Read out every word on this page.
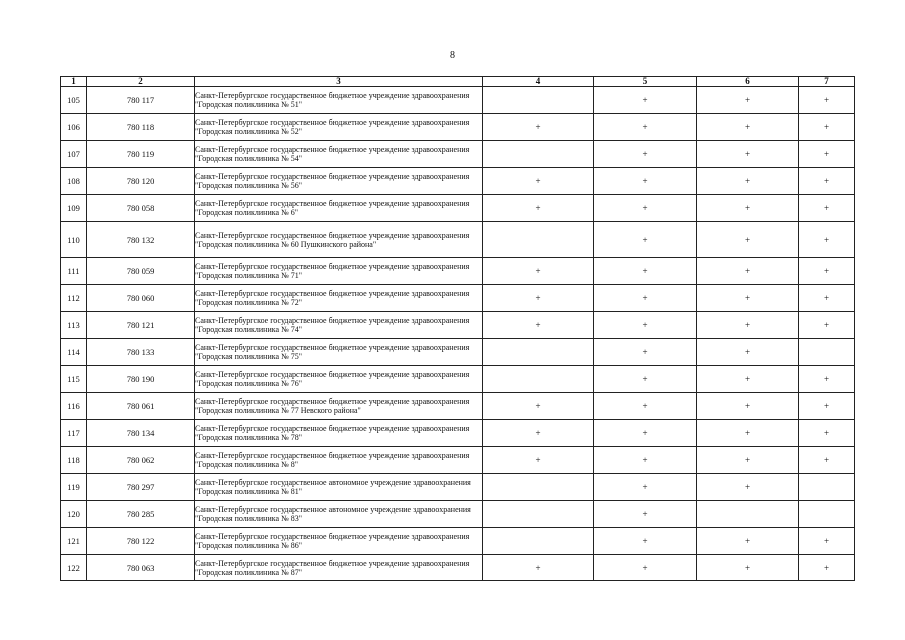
8
1	2	3	4	5	6	7
105	780 117	Санкт-Петербургское государственное бюджетное учреждение здравоохранения "Городская поликлиника № 51"		+	+	+
106	780 118	Санкт-Петербургское государственное бюджетное учреждение здравоохранения "Городская поликлиника № 52"	+	+	+	+
107	780 119	Санкт-Петербургское государственное бюджетное учреждение здравоохранения "Городская поликлиника № 54"		+	+	+
108	780 120	Санкт-Петербургское государственное бюджетное учреждение здравоохранения "Городская поликлиника № 56"	+	+	+	+
109	780 058	Санкт-Петербургское государственное бюджетное учреждение здравоохранения "Городская поликлиника № 6"	+	+	+	+
110	780 132	Санкт-Петербургское государственное бюджетное учреждение здравоохранения "Городская поликлиника № 60 Пушкинского района"		+	+	+
111	780 059	Санкт-Петербургское государственное бюджетное учреждение здравоохранения "Городская поликлиника № 71"	+	+	+	+
112	780 060	Санкт-Петербургское государственное бюджетное учреждение здравоохранения "Городская поликлиника № 72"	+	+	+	+
113	780 121	Санкт-Петербургское государственное бюджетное учреждение здравоохранения "Городская поликлиника № 74"	+	+	+	+
114	780 133	Санкт-Петербургское государственное бюджетное учреждение здравоохранения "Городская поликлиника № 75"		+	+	
115	780 190	Санкт-Петербургское государственное бюджетное учреждение здравоохранения "Городская поликлиника № 76"		+	+	+
116	780 061	Санкт-Петербургское государственное бюджетное учреждение здравоохранения "Городская поликлиника № 77 Невского района"	+	+	+	+
117	780 134	Санкт-Петербургское государственное бюджетное учреждение здравоохранения "Городская поликлиника № 78"	+	+	+	+
118	780 062	Санкт-Петербургское государственное бюджетное учреждение здравоохранения "Городская поликлиника № 8"	+	+	+	+
119	780 297	Санкт-Петербургское государственное автономное учреждение здравоохранения "Городская поликлиника № 81"		+	+	
120	780 285	Санкт-Петербургское государственное автономное учреждение здравоохранения "Городская поликлиника № 83"		+		
121	780 122	Санкт-Петербургское государственное бюджетное учреждение здравоохранения "Городская поликлиника № 86"		+	+	+
122	780 063	Санкт-Петербургское государственное бюджетное учреждение здравоохранения "Городская поликлиника № 87"	+	+	+	+
